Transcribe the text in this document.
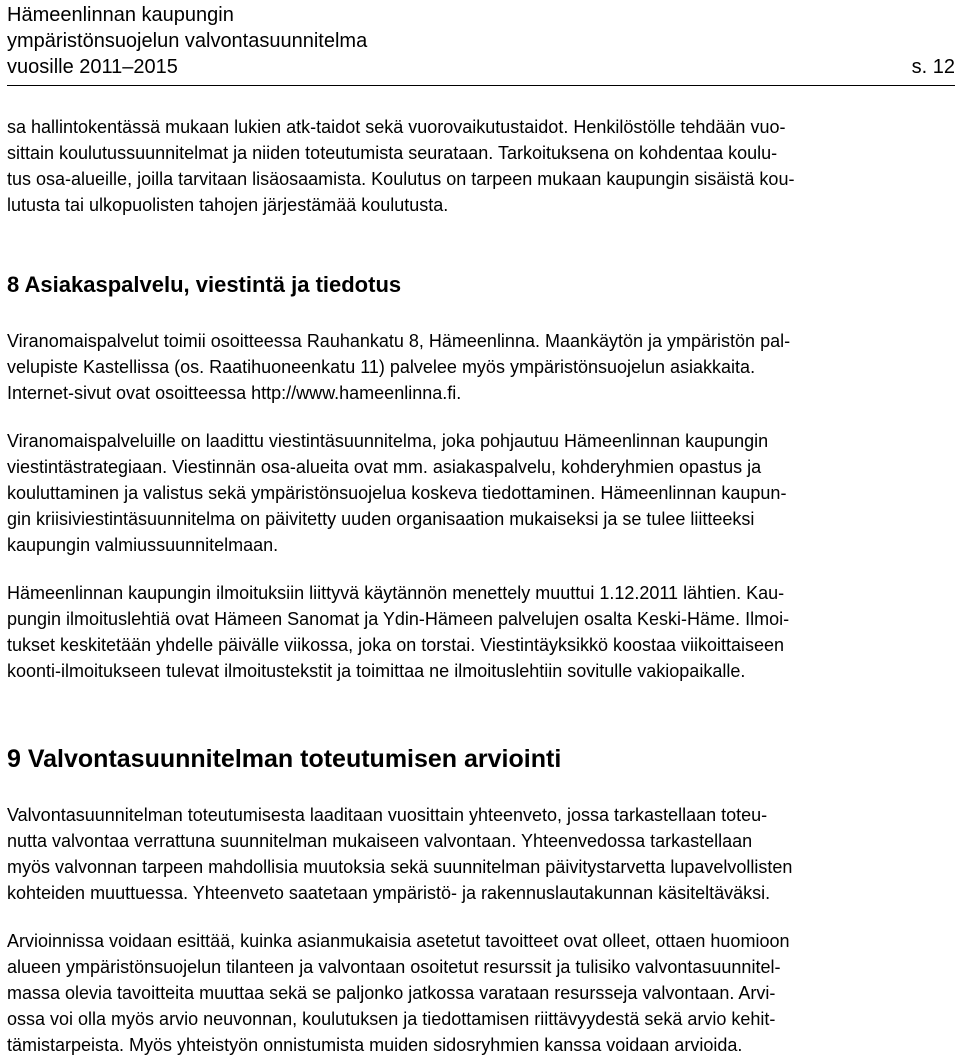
Hämeenlinnan kaupungin
ympäristönsuojelun valvontasuunnitelma
vuosille 2011–2015	s. 12

sa hallintokentässä mukaan lukien atk-taidot sekä vuorovaikutustaidot. Henkilöstölle tehdään vuo-
sittain koulutussuunnitelmat ja niiden toteutumista seurataan. Tarkoituksena on kohdentaa koulu-
tus osa-alueille, joilla tarvitaan lisäosaamista. Koulutus on tarpeen mukaan kaupungin sisäistä kou-
lutusta tai ulkopuolisten tahojen järjestämää koulutusta.

8 Asiakaspalvelu, viestintä ja tiedotus

Viranomaispalvelut toimii osoitteessa Rauhankatu 8, Hämeenlinna. Maankäytön ja ympäristön pal-
velupiste Kastellissa (os. Raatihuoneenkatu 11) palvelee myös ympäristönsuojelun asiakkaita.
Internet-sivut ovat osoitteessa http://www.hameenlinna.fi.

Viranomaispalveluille on laadittu viestintäsuunnitelma, joka pohjautuu Hämeenlinnan kaupungin
viestintästrategiaan. Viestinnän osa-alueita ovat mm. asiakaspalvelu, kohderyhmien opastus ja
kouluttaminen ja valistus sekä ympäristönsuojelua koskeva tiedottaminen. Hämeenlinnan kaupun-
gin kriisiviestintäsuunnitelma on päivitetty uuden organisaation mukaiseksi ja se tulee liitteeksi
kaupungin valmiussuunnitelmaan.

Hämeenlinnan kaupungin ilmoituksiin liittyvä käytännön menettely muuttui 1.12.2011 lähtien. Kau-
pungin ilmoituslehtiä ovat Hämeen Sanomat ja Ydin-Hämeen palvelujen osalta Keski-Häme. Ilmoi-
tukset keskitetään yhdelle päivälle viikossa, joka on torstai. Viestintäyksikkö koostaa viikoittaiseen
koonti-ilmoitukseen tulevat ilmoitustekstit ja toimittaa ne ilmoituslehtiin sovitulle vakiopaikalle.

9 Valvontasuunnitelman toteutumisen arviointi

Valvontasuunnitelman toteutumisesta laaditaan vuosittain yhteenveto, jossa tarkastellaan toteu-
nutta valvontaa verrattuna suunnitelman mukaiseen valvontaan. Yhteenvedossa tarkastellaan
myös valvonnan tarpeen mahdollisia muutoksia sekä suunnitelman päivitystarvetta lupavelvollisten
kohteiden muuttuessa. Yhteenveto saatetaan ympäristö- ja rakennuslautakunnan käsiteltäväksi.

Arvioinnissa voidaan esittää, kuinka asianmukaisia asetetut tavoitteet ovat olleet, ottaen huomioon
alueen ympäristönsuojelun tilanteen ja valvontaan osoitetut resurssit ja tulisiko valvontasuunnitel-
massa olevia tavoitteita muuttaa sekä se paljonko jatkossa varataan resursseja valvontaan. Arvi-
ossa voi olla myös arvio neuvonnan, koulutuksen ja tiedottamisen riittävyydestä sekä arvio kehit-
tämistarpeista. Myös yhteistyön onnistumista muiden sidosryhmien kanssa voidaan arvioida.
